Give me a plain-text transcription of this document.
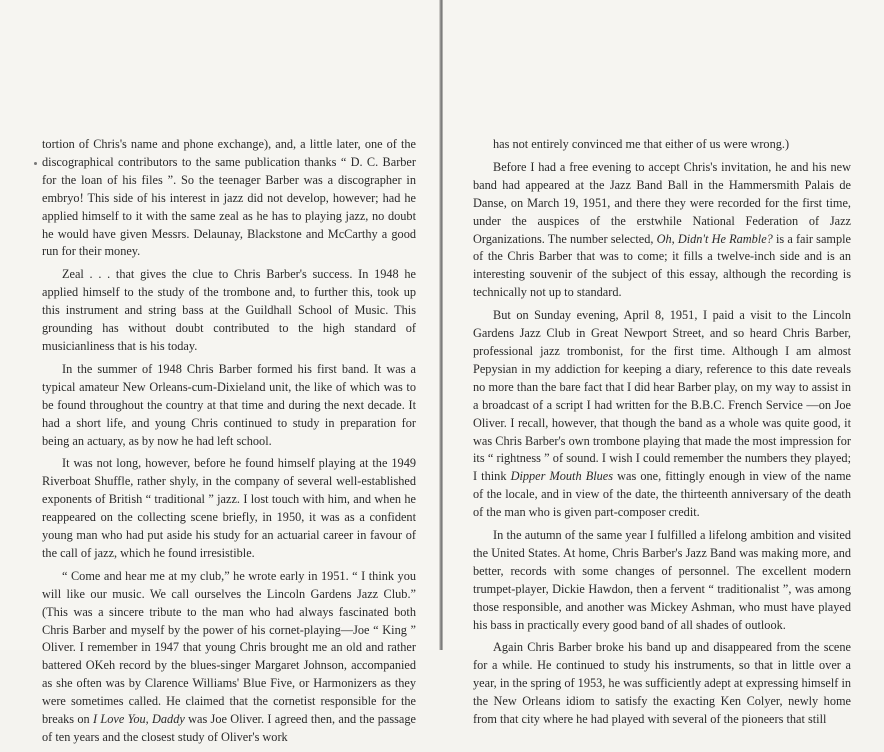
tortion of Chris's name and phone exchange), and, a little later, one of the discographical contributors to the same publication thanks “ D. C. Barber for the loan of his files ”. So the teenager Barber was a discographer in embryo! This side of his interest in jazz did not develop, however; had he applied himself to it with the same zeal as he has to playing jazz, no doubt he would have given Messrs. Delaunay, Blackstone and McCarthy a good run for their money.

Zeal . . . that gives the clue to Chris Barber's success. In 1948 he applied himself to the study of the trombone and, to further this, took up this instrument and string bass at the Guildhall School of Music. This grounding has without doubt contributed to the high standard of musicianliness that is his today.

In the summer of 1948 Chris Barber formed his first band. It was a typical amateur New Orleans-cum-Dixieland unit, the like of which was to be found throughout the country at that time and during the next decade. It had a short life, and young Chris continued to study in preparation for being an actuary, as by now he had left school.

It was not long, however, before he found himself playing at the 1949 Riverboat Shuffle, rather shyly, in the company of several well-established exponents of British “ traditional ” jazz. I lost touch with him, and when he reappeared on the collecting scene briefly, in 1950, it was as a confident young man who had put aside his study for an actuarial career in favour of the call of jazz, which he found irresistible.

“ Come and hear me at my club,” he wrote early in 1951. “ I think you will like our music. We call ourselves the Lincoln Gardens Jazz Club.” (This was a sincere tribute to the man who had always fascinated both Chris Barber and myself by the power of his cornet-playing—Joe “ King ” Oliver. I remember in 1947 that young Chris brought me an old and rather battered OKeh record by the blues-singer Margaret Johnson, accompanied as she often was by Clarence Williams' Blue Five, or Harmonizers as they were sometimes called. He claimed that the cornetist responsible for the breaks on I Love You, Daddy was Joe Oliver. I agreed then, and the passage of ten years and the closest study of Oliver's work

has not entirely convinced me that either of us were wrong.)

Before I had a free evening to accept Chris's invitation, he and his new band had appeared at the Jazz Band Ball in the Hammersmith Palais de Danse, on March 19, 1951, and there they were recorded for the first time, under the auspices of the erstwhile National Federation of Jazz Organizations. The number selected, Oh, Didn't He Ramble? is a fair sample of the Chris Barber that was to come; it fills a twelve-inch side and is an interesting souvenir of the subject of this essay, although the recording is technically not up to standard.

But on Sunday evening, April 8, 1951, I paid a visit to the Lincoln Gardens Jazz Club in Great Newport Street, and so heard Chris Barber, professional jazz trombonist, for the first time. Although I am almost Pepysian in my addiction for keeping a diary, reference to this date reveals no more than the bare fact that I did hear Barber play, on my way to assist in a broadcast of a script I had written for the B.B.C. French Service —on Joe Oliver. I recall, however, that though the band as a whole was quite good, it was Chris Barber's own trombone playing that made the most impression for its “ rightness ” of sound. I wish I could remember the numbers they played; I think Dipper Mouth Blues was one, fittingly enough in view of the name of the locale, and in view of the date, the thirteenth anniversary of the death of the man who is given part-composer credit.

In the autumn of the same year I fulfilled a lifelong ambition and visited the United States. At home, Chris Barber's Jazz Band was making more, and better, records with some changes of personnel. The excellent modern trumpet-player, Dickie Hawdon, then a fervent “ traditionalist ”, was among those responsible, and another was Mickey Ashman, who must have played his bass in practically every good band of all shades of outlook.

Again Chris Barber broke his band up and disappeared from the scene for a while. He continued to study his instruments, so that in little over a year, in the spring of 1953, he was sufficiently adept at expressing himself in the New Orleans idiom to satisfy the exacting Ken Colyer, newly home from that city where he had played with several of the pioneers that still
